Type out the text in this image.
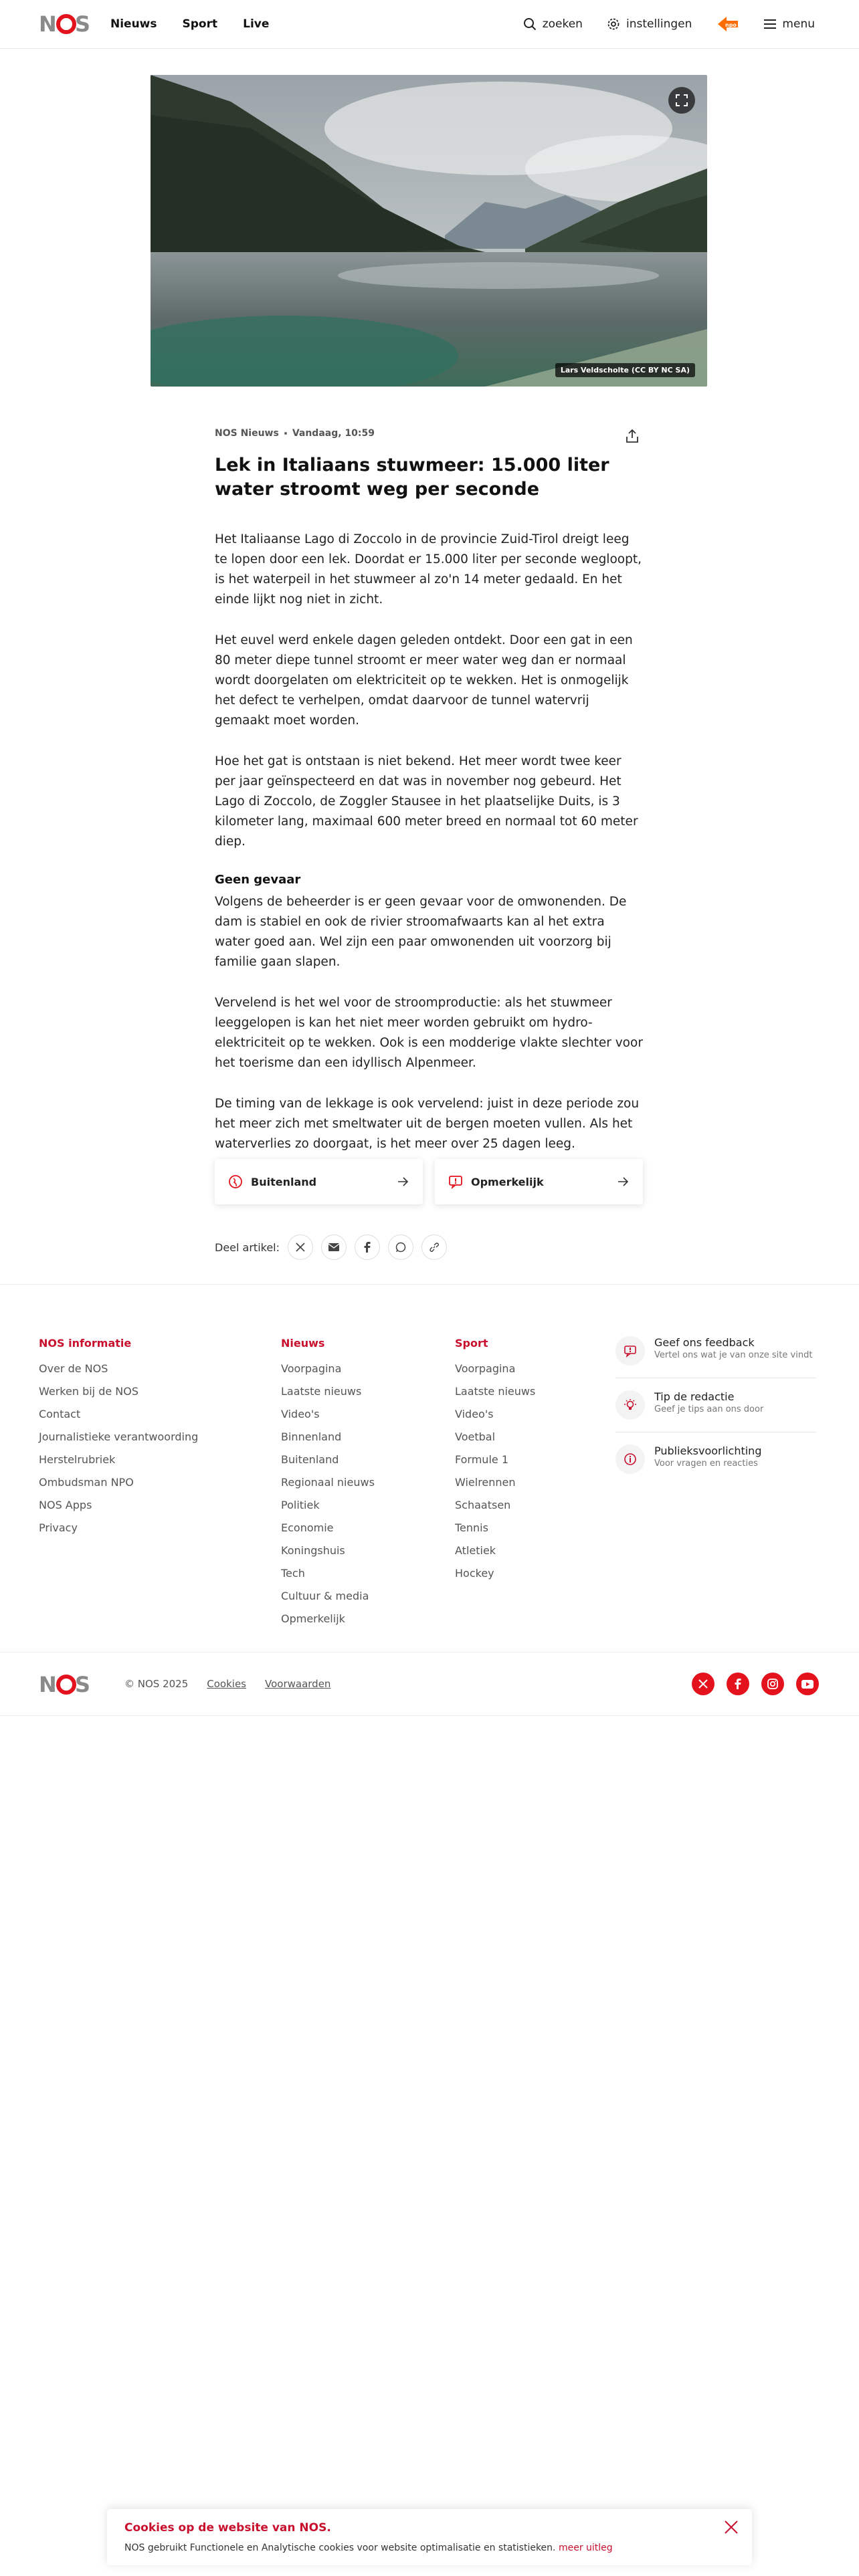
N S Nieuws Sport Live	zoeken	instellingen	npo	menu
Lars Veldscholte (CC BY NC SA)
NOS Nieuws Vandaag, 10:59
Lek in Italiaans stuwmeer: 15.000 liter water stroomt weg per seconde

Het Italiaanse Lago di Zoccolo in de provincie Zuid-Tirol dreigt leeg te lopen door een lek. Doordat er 15.000 liter per seconde wegloopt, is het waterpeil in het stuwmeer al zo'n 14 meter gedaald. En het einde lijkt nog niet in zicht.

Het euvel werd enkele dagen geleden ontdekt. Door een gat in een 80 meter diepe tunnel stroomt er meer water weg dan er normaal wordt doorgelaten om elektriciteit op te wekken. Het is onmogelijk het defect te verhelpen, omdat daarvoor de tunnel watervrij gemaakt moet worden.

Hoe het gat is ontstaan is niet bekend. Het meer wordt twee keer per jaar geïnspecteerd en dat was in november nog gebeurd. Het Lago di Zoccolo, de Zoggler Stausee in het plaatselijke Duits, is 3 kilometer lang, maximaal 600 meter breed en normaal tot 60 meter diep.

Geen gevaar

Volgens de beheerder is er geen gevaar voor de omwonenden. De dam is stabiel en ook de rivier stroomafwaarts kan al het extra water goed aan. Wel zijn een paar omwonenden uit voorzorg bij familie gaan slapen.

Vervelend is het wel voor de stroomproductie: als het stuwmeer leeggelopen is kan het niet meer worden gebruikt om hydro-elektriciteit op te wekken. Ook is een modderige vlakte slechter voor het toerisme dan een idyllisch Alpenmeer.

De timing van de lekkage is ook vervelend: juist in deze periode zou het meer zich met smeltwater uit de bergen moeten vullen. Als het waterverlies zo doorgaat, is het meer over 25 dagen leeg.

Buitenland	Opmerkelijk
Deel artikel:
NOS informatie
Over de NOS
Werken bij de NOS
Contact
Journalistieke verantwoording
Herstelrubriek
Ombudsman NPO
NOS Apps
Privacy
Nieuws
Voorpagina
Laatste nieuws
Video's
Binnenland
Buitenland
Regionaal nieuws
Politiek
Economie
Koningshuis
Tech
Cultuur & media
Opmerkelijk
Sport
Voorpagina
Laatste nieuws
Video's
Voetbal
Formule 1
Wielrennen
Schaatsen
Tennis
Atletiek
Hockey
Geef ons feedback
Vertel ons wat je van onze site vindt
Tip de redactie
Geef je tips aan ons door
Publieksvoorlichting
Voor vragen en reacties
N S	© NOS 2025 Cookies Voorwaarden
Cookies op de website van NOS.
NOS gebruikt Functionele en Analytische cookies voor website optimalisatie en statistieken. meer uitleg
